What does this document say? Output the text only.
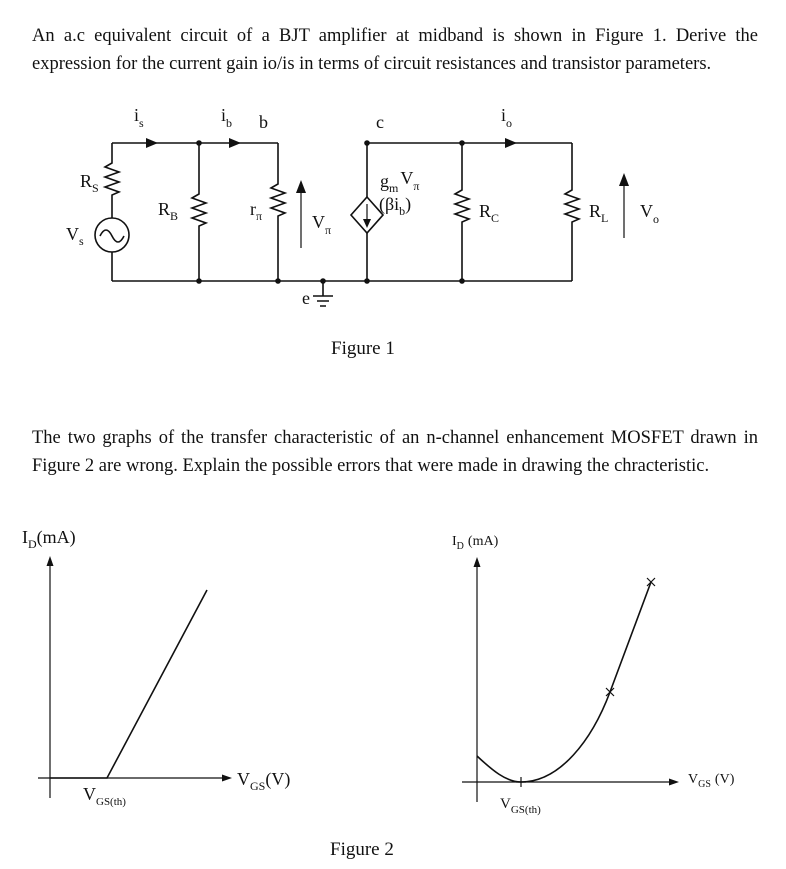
An a.c equivalent circuit of a BJT amplifier at midband is shown in Figure 1. Derive the expression for the current gain io/is in terms of circuit resistances and transistor parameters.

$i_s$	$i_b$ b	c	$i_o$
$R_S$
$V_s$
$R_B$	$r_\pi$	$V_\pi$
$g_m$ $V_\pi$
$(\beta i_b)$	$R_C$	$R_L$ $V_o$
e
Figure 1

The two graphs of the transfer characteristic of an n-channel enhancement MOSFET drawn in Figure 2 are wrong. Explain the possible errors that were made in drawing the chracteristic.

$I_D(mA)$
$V_{GS}(V)$
$V_{GS(th)}$
$I_D$ (mA)
$V_{GS}$ (V)
$V_{GS(th)}$
Figure 2
